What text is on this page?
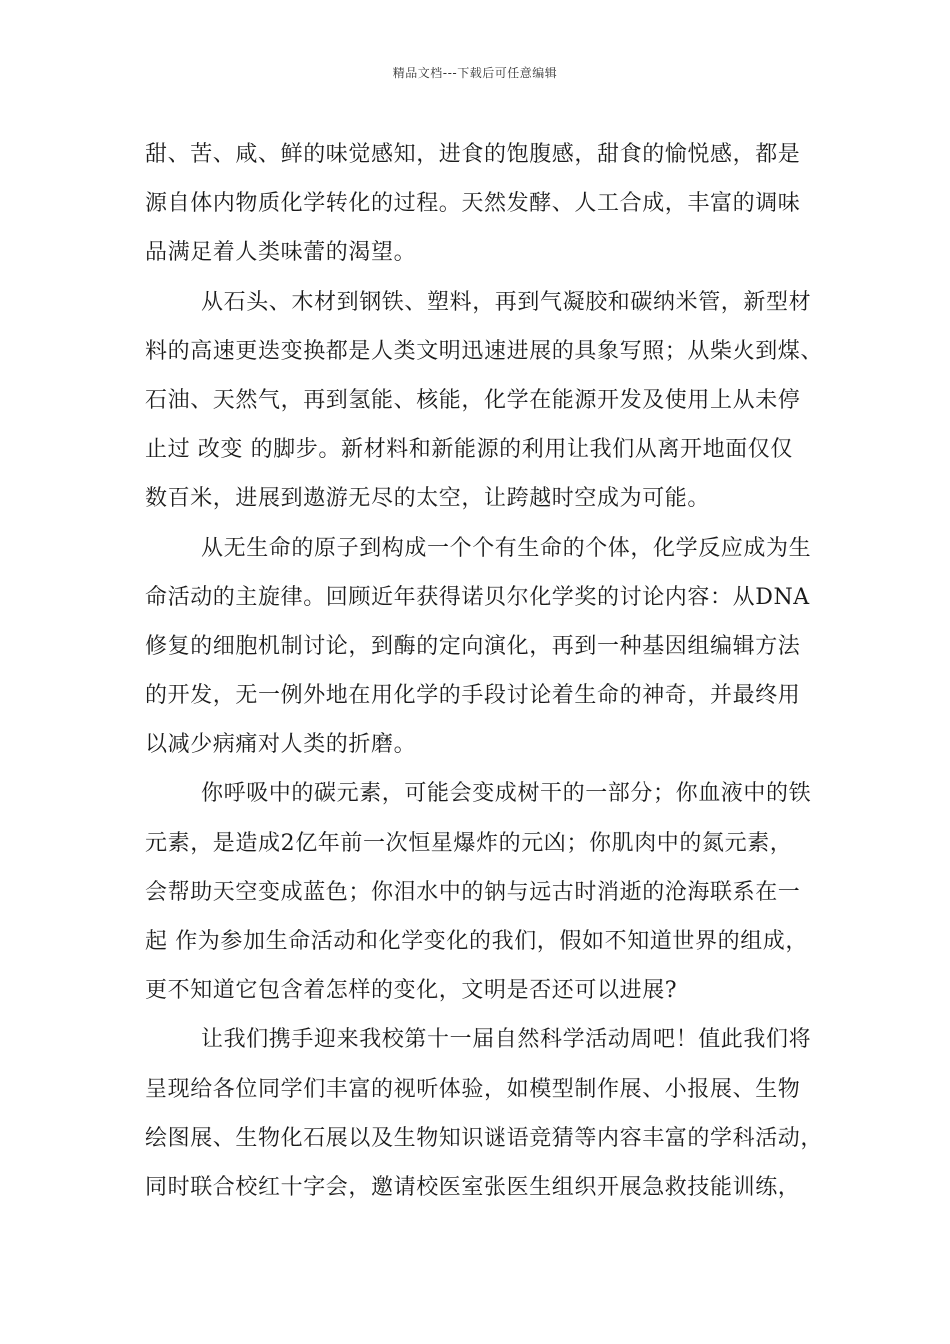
精品文档---下载后可任意编辑
甜、苦、咸、鲜的味觉感知，进食的饱腹感，甜食的愉悦感，都是
源自体内物质化学转化的过程。天然发酵、人工合成，丰富的调味
品满足着人类味蕾的渴望。
从石头、木材到钢铁、塑料，再到气凝胶和碳纳米管，新型材
料的高速更迭变换都是人类文明迅速进展的具象写照；从柴火到煤、
石油、天然气，再到氢能、核能，化学在能源开发及使用上从未停
止过 改变 的脚步。新材料和新能源的利用让我们从离开地面仅仅
数百米，进展到遨游无尽的太空，让跨越时空成为可能。
从无生命的原子到构成一个个有生命的个体，化学反应成为生
命活动的主旋律。回顾近年获得诺贝尔化学奖的讨论内容：从DNA
修复的细胞机制讨论，到酶的定向演化，再到一种基因组编辑方法
的开发，无一例外地在用化学的手段讨论着生命的神奇，并最终用
以减少病痛对人类的折磨。
你呼吸中的碳元素，可能会变成树干的一部分；你血液中的铁
元素，是造成2亿年前一次恒星爆炸的元凶；你肌肉中的氮元素，
会帮助天空变成蓝色；你泪水中的钠与远古时消逝的沧海联系在一
起 作为参加生命活动和化学变化的我们，假如不知道世界的组成，
更不知道它包含着怎样的变化，文明是否还可以进展?
让我们携手迎来我校第十一届自然科学活动周吧！值此我们将
呈现给各位同学们丰富的视听体验，如模型制作展、小报展、生物
绘图展、生物化石展以及生物知识谜语竞猜等内容丰富的学科活动，
同时联合校红十字会，邀请校医室张医生组织开展急救技能训练，
